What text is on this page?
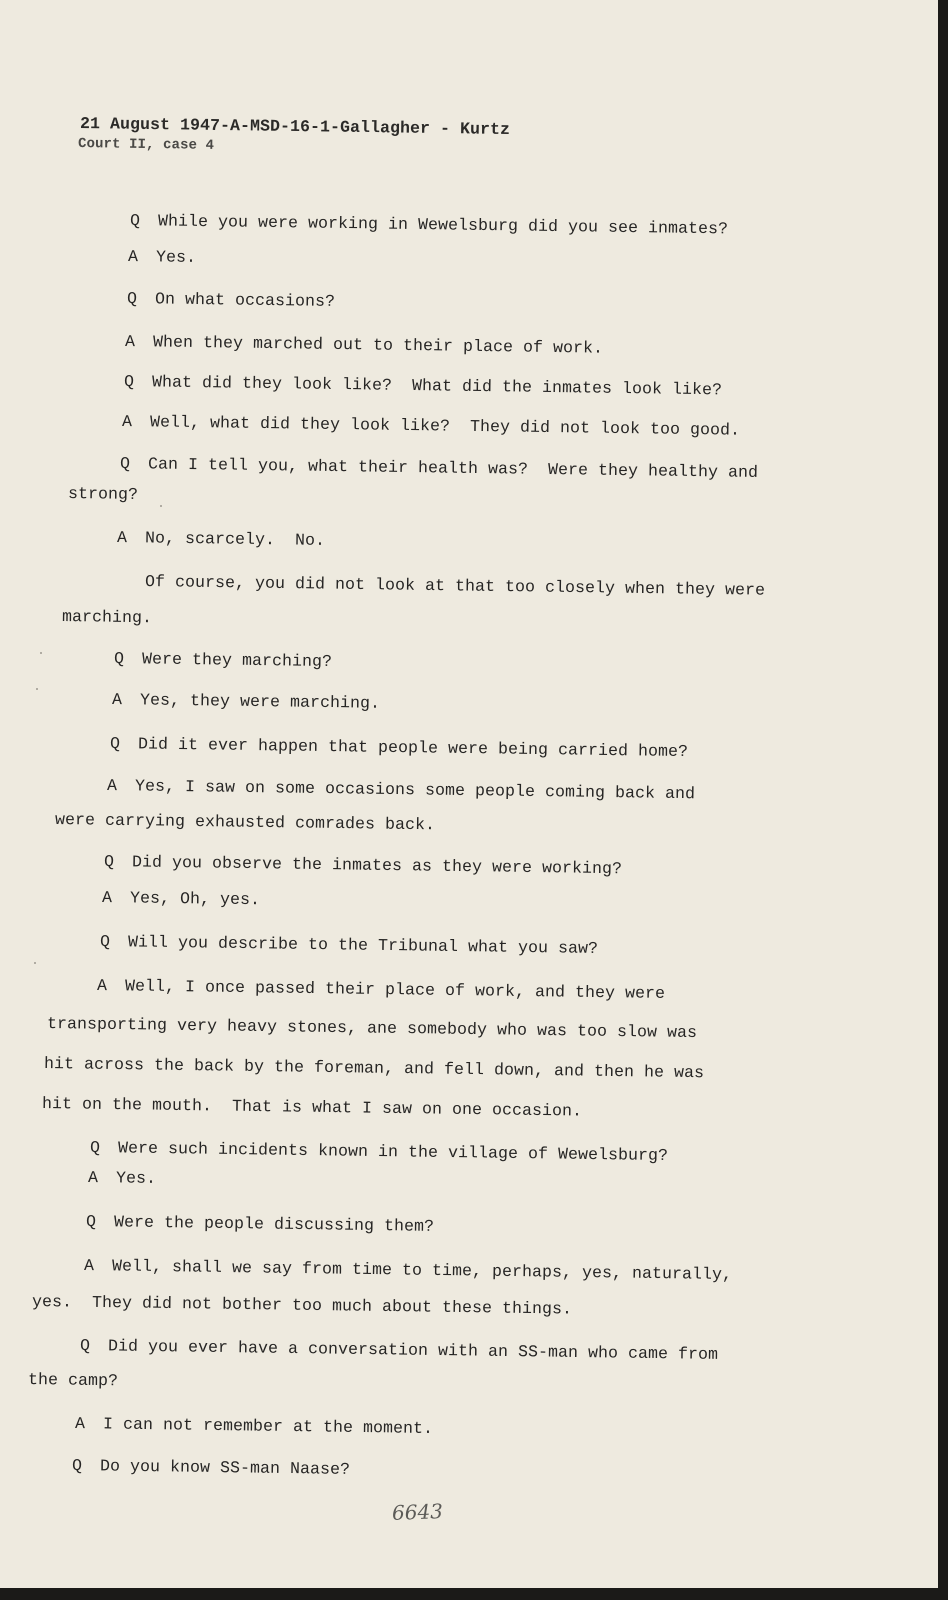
21 August 1947-A-MSD-16-1-Gallagher - Kurtz
Court II, case 4
Q While you were working in Wewelsburg did you see inmates?
A Yes.
Q On what occasions?
A When they marched out to their place of work.
Q What did they look like?  What did the inmates look like?
A Well, what did they look like?  They did not look too good.
Q Can I tell you, what their health was?  Were they healthy and
strong?
A No, scarcely.  No.
Of course, you did not look at that too closely when they were
marching.
Q Were they marching?
A Yes, they were marching.
Q Did it ever happen that people were being carried home?
A Yes, I saw on some occasions some people coming back and
were carrying exhausted comrades back.
Q Did you observe the inmates as they were working?
A Yes, Oh, yes.
Q Will you describe to the Tribunal what you saw?
A Well, I once passed their place of work, and they were
transporting very heavy stones, ane somebody who was too slow was
hit across the back by the foreman, and fell down, and then he was
hit on the mouth.  That is what I saw on one occasion.
Q Were such incidents known in the village of Wewelsburg?
A Yes.
Q Were the people discussing them?
A Well, shall we say from time to time, perhaps, yes, naturally,
yes.  They did not bother too much about these things.
Q Did you ever have a conversation with an SS-man who came from
the camp?
A I can not remember at the moment.
Q Do you know SS-man Naase?
6643
